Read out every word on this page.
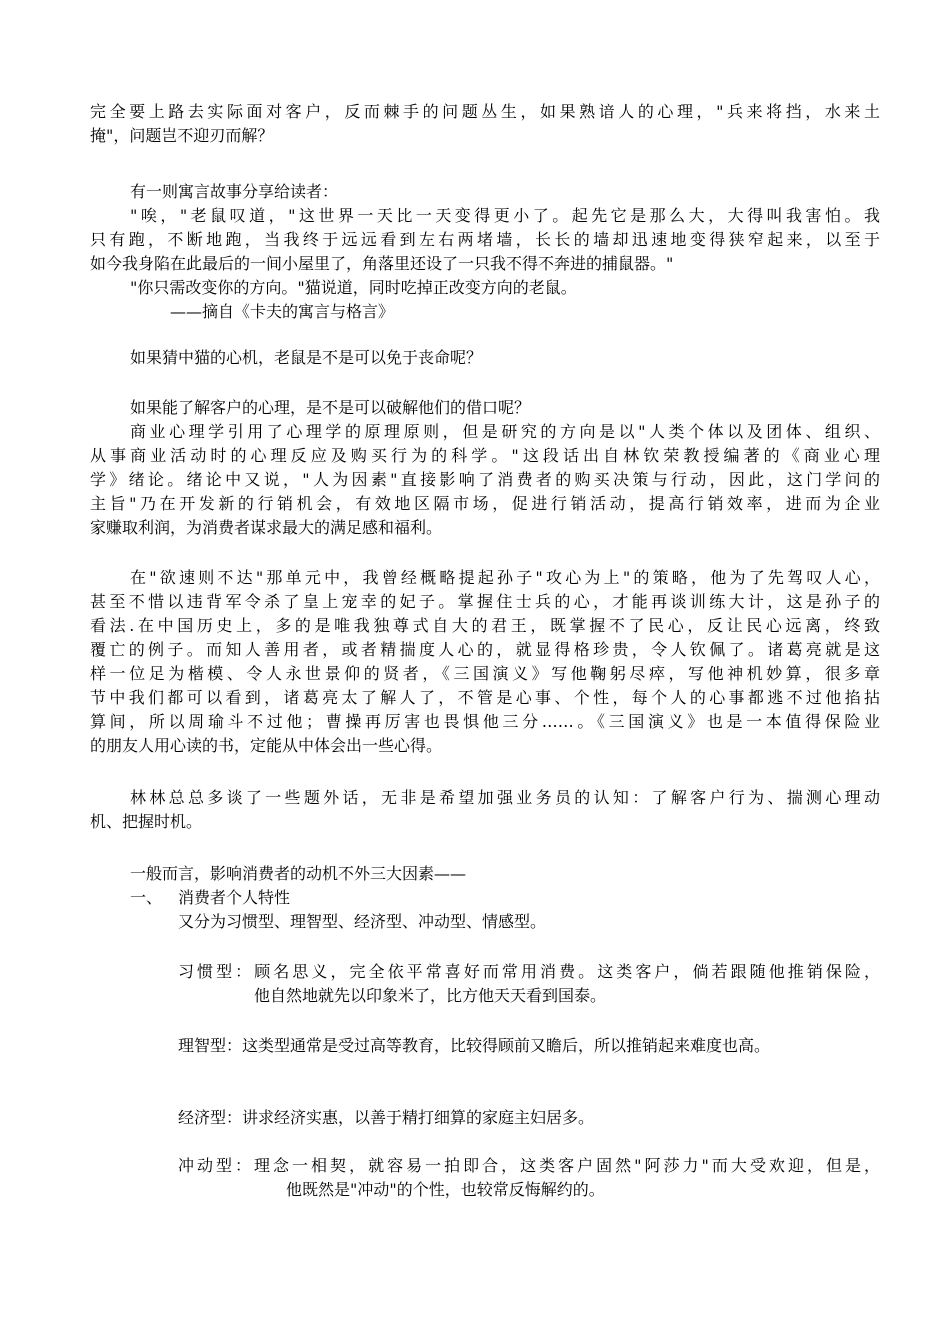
完全要上路去实际面对客户，反而棘手的问题丛生，如果熟谙人的心理，"兵来将挡，水来土
掩"，问题岂不迎刃而解？
有一则寓言故事分享给读者：
"唉，"老鼠叹道，"这世界一天比一天变得更小了。起先它是那么大，大得叫我害怕。我
只有跑，不断地跑，当我终于远远看到左右两堵墙，长长的墙却迅速地变得狭窄起来，以至于
如今我身陷在此最后的一间小屋里了，角落里还设了一只我不得不奔进的捕鼠器。"
"你只需改变你的方向。"猫说道，同时吃掉正改变方向的老鼠。
——摘自《卡夫的寓言与格言》
如果猜中猫的心机，老鼠是不是可以免于丧命呢？
如果能了解客户的心理，是不是可以破解他们的借口呢？
商业心理学引用了心理学的原理原则，但是研究的方向是以"人类个体以及团体、组织、
从事商业活动时的心理反应及购买行为的科学。"这段话出自林钦荣教授编著的《商业心理
学》绪论。绪论中又说，"人为因素"直接影响了消费者的购买决策与行动，因此，这门学问的
主旨"乃在开发新的行销机会，有效地区隔市场，促进行销活动，提高行销效率，进而为企业
家赚取利润，为消费者谋求最大的满足感和福利。
在"欲速则不达"那单元中，我曾经概略提起孙子"攻心为上"的策略，他为了先驾叹人心，
甚至不惜以违背军令杀了皇上宠幸的妃子。掌握住士兵的心，才能再谈训练大计，这是孙子的
看法.在中国历史上，多的是唯我独尊式自大的君王，既掌握不了民心，反让民心远离，终致
覆亡的例子。而知人善用者，或者精揣度人心的，就显得格珍贵，令人钦佩了。诸葛亮就是这
样一位足为楷模、令人永世景仰的贤者，《三国演义》写他鞠躬尽瘁，写他神机妙算，很多章
节中我们都可以看到，诸葛亮太了解人了，不管是心事、个性，每个人的心事都逃不过他掐拈
算间，所以周瑜斗不过他；曹操再厉害也畏惧他三分……。《三国演义》也是一本值得保险业
的朋友人用心读的书，定能从中体会出一些心得。
林林总总多谈了一些题外话，无非是希望加强业务员的认知：了解客户行为、揣测心理动
机、把握时机。
一般而言，影响消费者的动机不外三大因素——
一、 消费者个人特性
又分为习惯型、理智型、经济型、冲动型、情感型。
习惯型：顾名思义，完全依平常喜好而常用消费。这类客户，倘若跟随他推销保险，
他自然地就先以印象米了，比方他天天看到国泰。
理智型：这类型通常是受过高等教育，比较得顾前又瞻后，所以推销起来难度也高。
经济型：讲求经济实惠，以善于精打细算的家庭主妇居多。
冲动型：理念一相契，就容易一拍即合，这类客户固然"阿莎力"而大受欢迎，但是，
他既然是"冲动"的个性，也较常反悔解约的。
